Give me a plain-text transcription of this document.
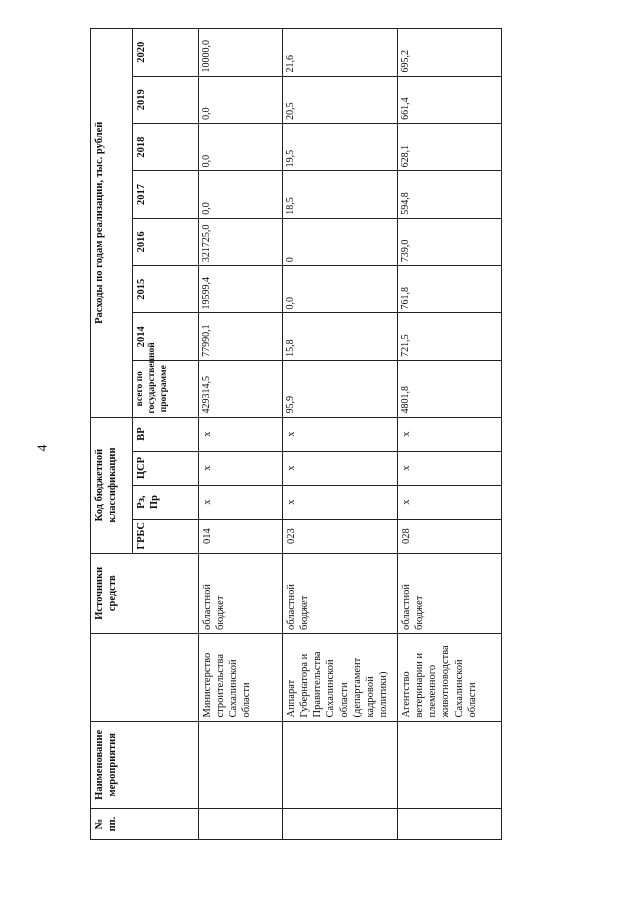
4
№ пп.	Наименование мероприятия		Источники средств	Код бюджетной классификации				Расходы по годам реализации, тыс. рублей							
				ГРБС	Рз, Пр	ЦСР	ВР	всего по государственной программе	2014	2015	2016	2017	2018	2019	2020
		Министерство строительства Сахалинской области	областной бюджет	014	x	x	x	429314,5	77990,1	19599,4	321725,0	0,0	0,0	0,0	10000,0
		Аппарат Губернатора и Правительства Сахалинской области (департамент кадровой политики)	областной бюджет	023	x	x	x	95,9	15,8	0,0	0	18,5	19,5	20,5	21,6
		Агентство ветеринарии и племенного животноводства Сахалинской области	областной бюджет	028	x	x	x	4801,8	721,5	761,8	739,0	594,8	628,1	661,4	695,2
